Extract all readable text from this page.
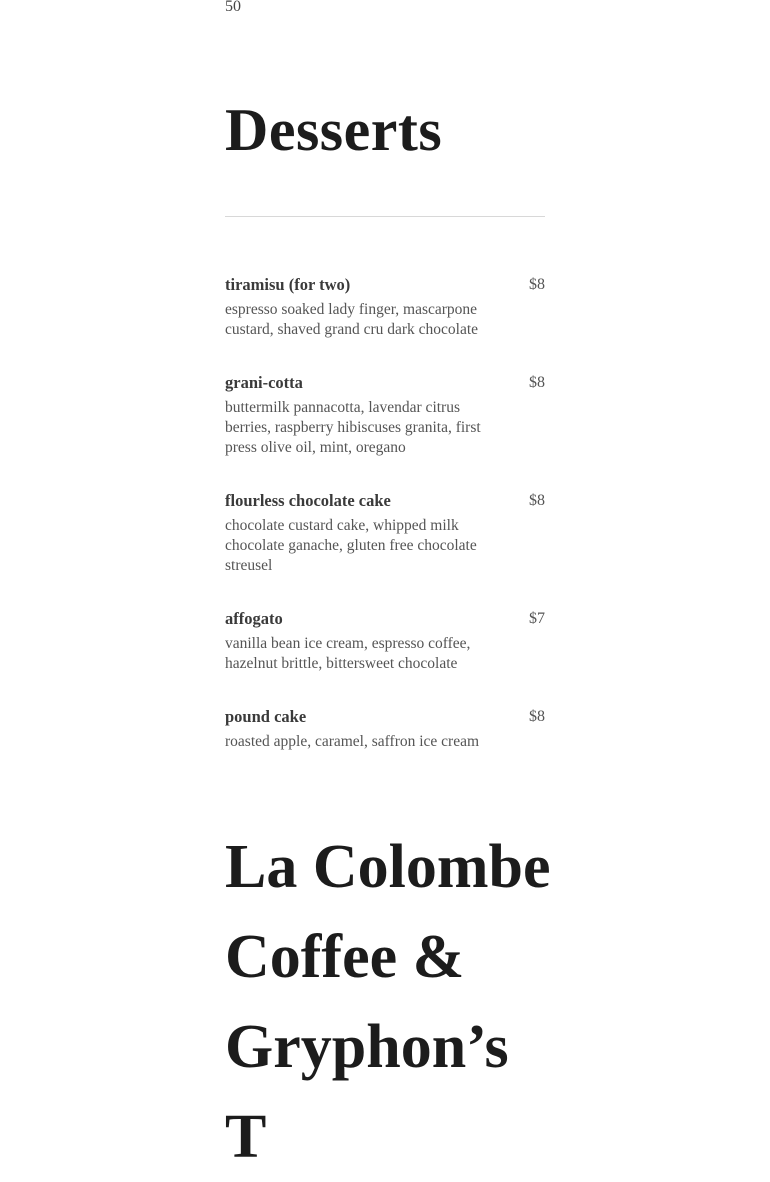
50
Desserts
tiramisu (for two)	$8
espresso soaked lady finger, mascarpone custard, shaved grand cru dark chocolate
grani-cotta	$8
buttermilk pannacotta, lavendar citrus berries, raspberry hibiscuses granita, first press olive oil, mint, oregano
flourless chocolate cake	$8
chocolate custard cake, whipped milk chocolate ganache, gluten free chocolate streusel
affogato	$7
vanilla bean ice cream, espresso coffee, hazelnut brittle, bittersweet chocolate
pound cake	$8
roasted apple, caramel, saffron ice cream
La Colombe
Coffee &
Gryphon’s
T
